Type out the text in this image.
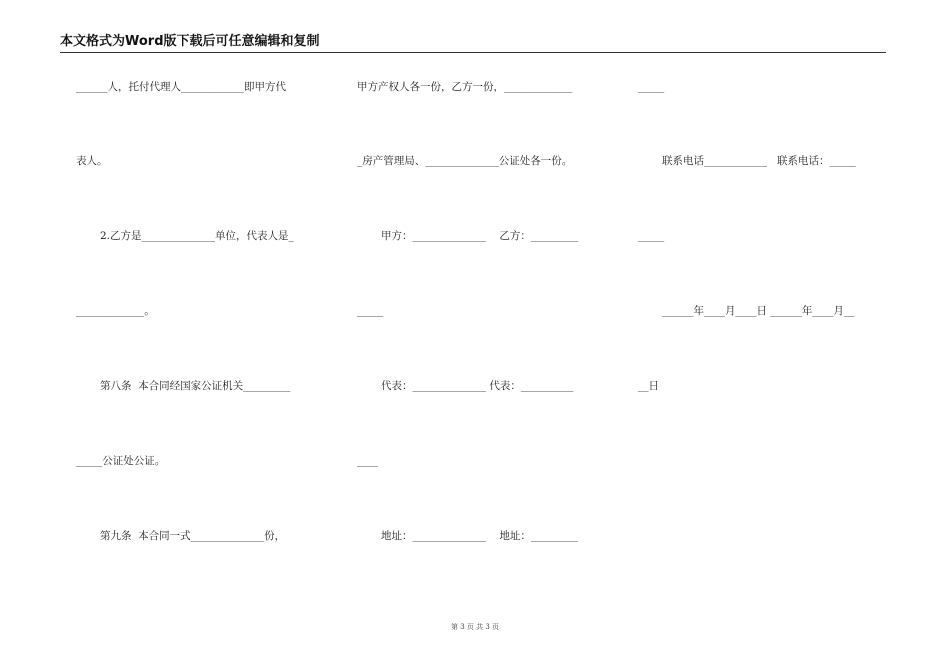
本文格式为Word版下载后可任意编辑和复制
______人，托付代理人____________即甲方代
表人。
2.乙方是______________单位，代表人是_
_____________。
第八条  本合同经国家公证机关_________
_____公证处公证。
第九条  本合同一式______________份，
甲方产权人各一份，乙方一份，_____________
_房产管理局、______________公证处各一份。
甲方：______________    乙方：_________
_____
代表：______________ 代表：__________
____
地址：______________    地址：_________
_____
联系电话____________   联系电话：_____
_____
______年____月____日 ______年____月__
__日
第 3 页 共 3 页
